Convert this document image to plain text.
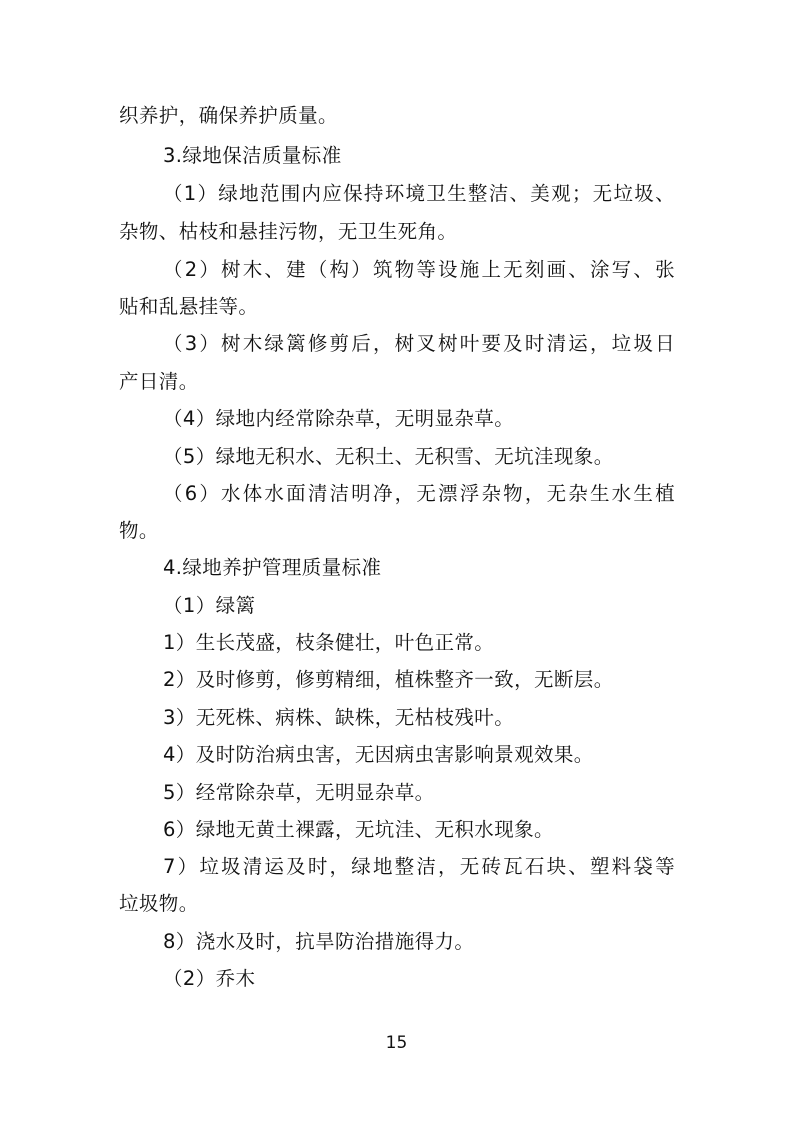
织养护，确保养护质量。
3.绿地保洁质量标准
（1）绿地范围内应保持环境卫生整洁、美观；无垃圾、
杂物、枯枝和悬挂污物，无卫生死角。
（2）树木、建（构）筑物等设施上无刻画、涂写、张
贴和乱悬挂等。
（3）树木绿篱修剪后，树叉树叶要及时清运，垃圾日
产日清。
（4）绿地内经常除杂草，无明显杂草。
（5）绿地无积水、无积土、无积雪、无坑洼现象。
（6）水体水面清洁明净，无漂浮杂物，无杂生水生植
物。
4.绿地养护管理质量标准
（1）绿篱
1）生长茂盛，枝条健壮，叶色正常。
2）及时修剪，修剪精细，植株整齐一致，无断层。
3）无死株、病株、缺株，无枯枝残叶。
4）及时防治病虫害，无因病虫害影响景观效果。
5）经常除杂草，无明显杂草。
6）绿地无黄土裸露，无坑洼、无积水现象。
7）垃圾清运及时，绿地整洁，无砖瓦石块、塑料袋等
垃圾物。
8）浇水及时，抗旱防治措施得力。
（2）乔木
15
